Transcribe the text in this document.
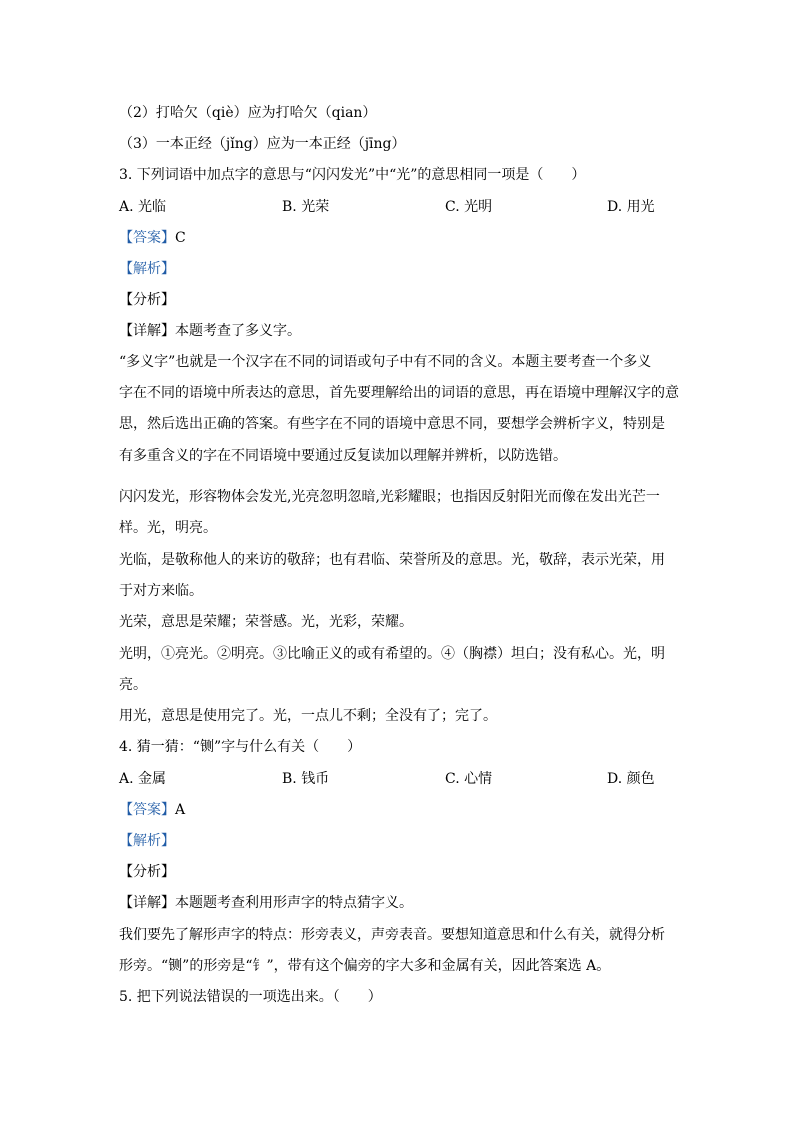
（2）打哈欠（qiè）应为打哈欠（qian）
（3）一本正经（jǐng）应为一本正经（jīng）
3. 下列词语中加点字的意思与“闪闪发光”中“光”的意思相同一项是（　　）
A. 光临	B. 光荣	C. 光明	D. 用光
【答案】C
【解析】
【分析】
【详解】本题考查了多义字。
“多义字”也就是一个汉字在不同的词语或句子中有不同的含义。本题主要考查一个多义
字在不同的语境中所表达的意思，首先要理解给出的词语的意思，再在语境中理解汉字的意
思，然后选出正确的答案。有些字在不同的语境中意思不同，要想学会辨析字义，特别是
有多重含义的字在不同语境中要通过反复读加以理解并辨析，以防选错。
闪闪发光，形容物体会发光,光亮忽明忽暗,光彩耀眼；也指因反射阳光而像在发出光芒一
样。光，明亮。
光临，是敬称他人的来访的敬辞；也有君临、荣誉所及的意思。光，敬辞，表示光荣，用
于对方来临。
光荣，意思是荣耀；荣誉感。光，光彩，荣耀。
光明，①亮光。②明亮。③比喻正义的或有希望的。④（胸襟）坦白；没有私心。光，明
亮。
用光，意思是使用完了。光，一点儿不剩；全没有了；完了。
4. 猜一猜：“铡”字与什么有关（　　）
A. 金属	B. 钱币	C. 心情	D. 颜色
【答案】A
【解析】
【分析】
【详解】本题题考查利用形声字的特点猜字义。
我们要先了解形声字的特点：形旁表义，声旁表音。要想知道意思和什么有关，就得分析
形旁。“铡”的形旁是“钅”，带有这个偏旁的字大多和金属有关，因此答案选 A。
5. 把下列说法错误的一项选出来。（　　）
